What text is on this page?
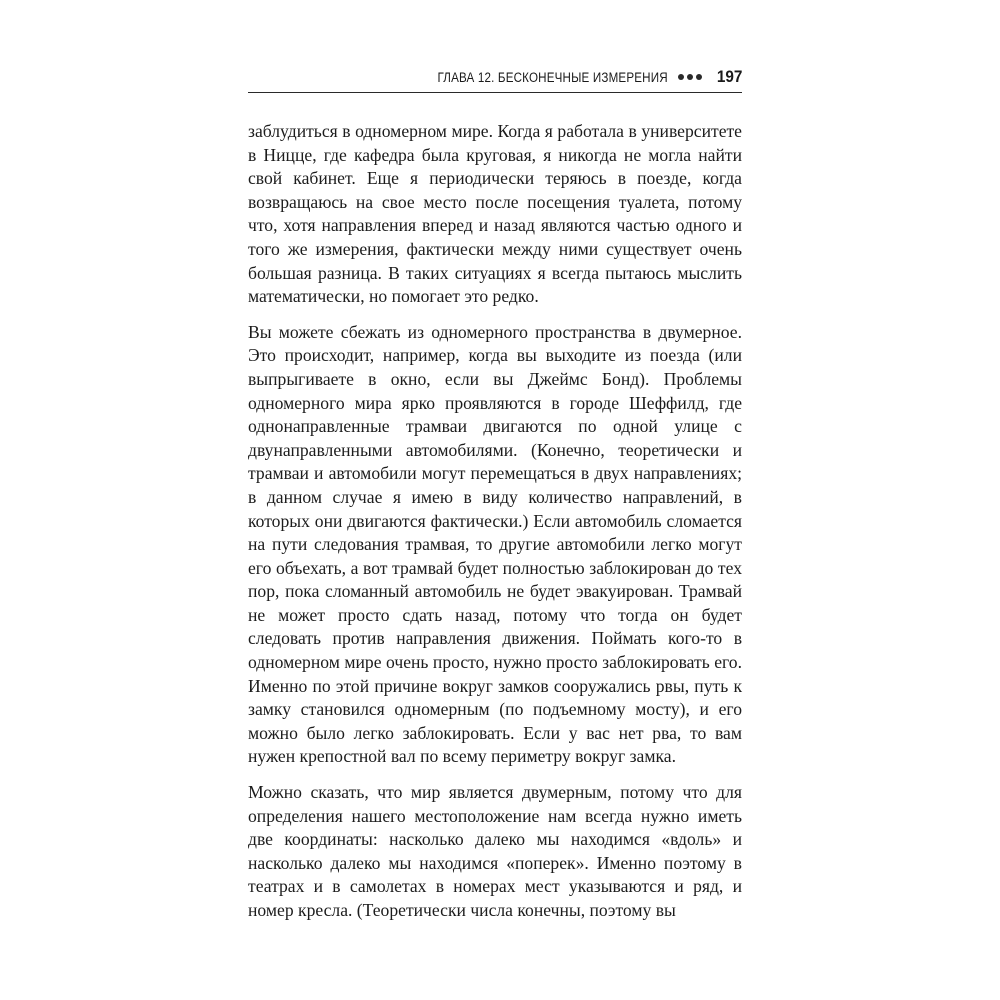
ГЛАВА 12. БЕСКОНЕЧНЫЕ ИЗМЕРЕНИЯ	197

заблудиться в одномерном мире. Когда я работала в университете в Ницце, где кафедра была круговая, я никогда не могла найти свой кабинет. Еще я периодически теряюсь в поезде, когда возвращаюсь на свое место после посещения туалета, потому что, хотя направления вперед и назад являются частью одного и того же измерения, фактически между ними существует очень большая разница. В таких ситуациях я всегда пытаюсь мыслить математически, но помогает это редко.

Вы можете сбежать из одномерного пространства в двумерное. Это происходит, например, когда вы выходите из поезда (или выпрыгиваете в окно, если вы Джеймс Бонд). Проблемы одномерного мира ярко проявляются в городе Шеффилд, где однонаправленные трамваи двигаются по одной улице с двунаправленными автомобилями. (Конечно, теоретически и трамваи и автомобили могут перемещаться в двух направлениях; в данном случае я имею в виду количество направлений, в которых они двигаются фактически.) Если автомобиль сломается на пути следования трамвая, то другие автомобили легко могут его объехать, а вот трамвай будет полностью заблокирован до тех пор, пока сломанный автомобиль не будет эвакуирован. Трамвай не может просто сдать назад, потому что тогда он будет следовать против направления движения. Поймать кого-то в одномерном мире очень просто, нужно просто заблокировать его. Именно по этой причине вокруг замков сооружались рвы, путь к замку становился одномерным (по подъемному мосту), и его можно было легко заблокировать. Если у вас нет рва, то вам нужен крепостной вал по всему периметру вокруг замка.

Можно сказать, что мир является двумерным, потому что для определения нашего местоположение нам всегда нужно иметь две координаты: насколько далеко мы находимся «вдоль» и насколько далеко мы находимся «поперек». Именно поэтому в театрах и в самолетах в номерах мест указываются и ряд, и номер кресла. (Теоретически числа конечны, поэтому вы
